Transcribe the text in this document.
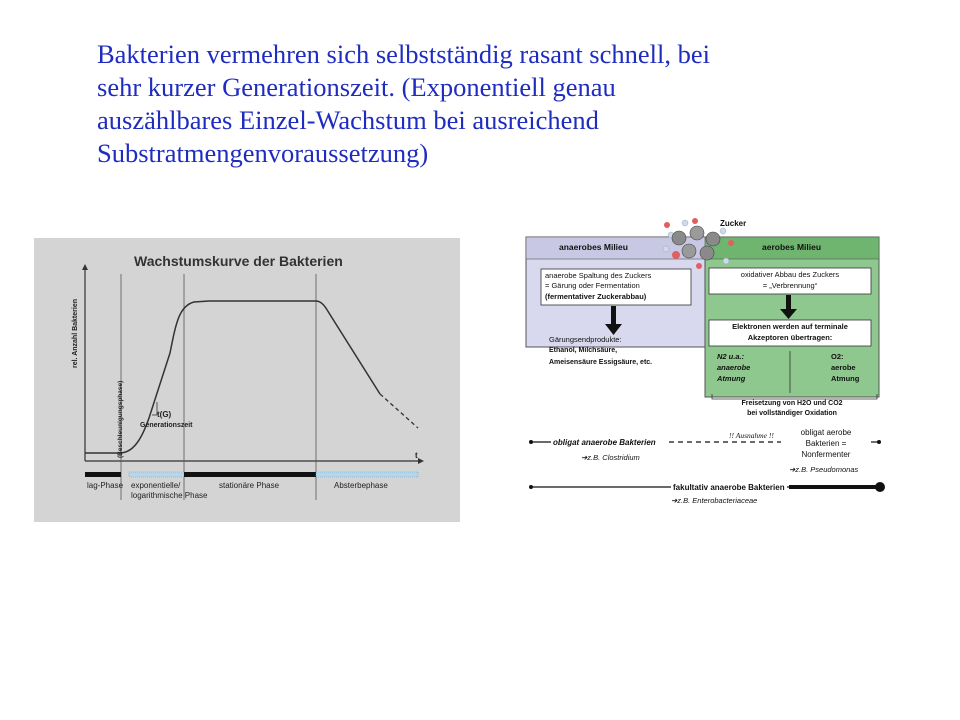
Bakterien vermehren sich selbstständig rasant schnell, bei
sehr kurzer Generationszeit. (Exponentiell genau
auszählbares Einzel-Wachstum bei ausreichend
Substratmengenvoraussetzung)
Wachstumskurve der Bakterien
rel. Anzahl Bakterien
(Beschleunigungsphase)	t
t(G)
Generationszeit
lag-Phase exponentielle/
logarithmische Phase
stationäre Phase	Absterbephase
Zucker
anaerobes Milieu	aerobes Milieu
anaerobe Spaltung des Zuckers
= Gärung oder Fermentation
(fermentativer Zuckerabbau)
oxidativer Abbau des Zuckers
= „Verbrennung“
Gärungsendprodukte:
Ethanol, Milchsäure,
Ameisensäure Essigsäure, etc.
Elektronen werden auf terminale
Akzeptoren übertragen:
N2 u.a.:
anaerobe
Atmung
O2:
aerobe
Atmung
Freisetzung von H2O und CO2
bei vollständiger Oxidation
obligat anaerobe Bakterien
➔z.B. Clostridium
!! Ausnahme !!	obligat aerobe
Bakterien =
Nonfermenter
➔z.B. Pseudomonas
fakultativ anaerobe Bakterien
➔z.B. Enterobacteriaceae
